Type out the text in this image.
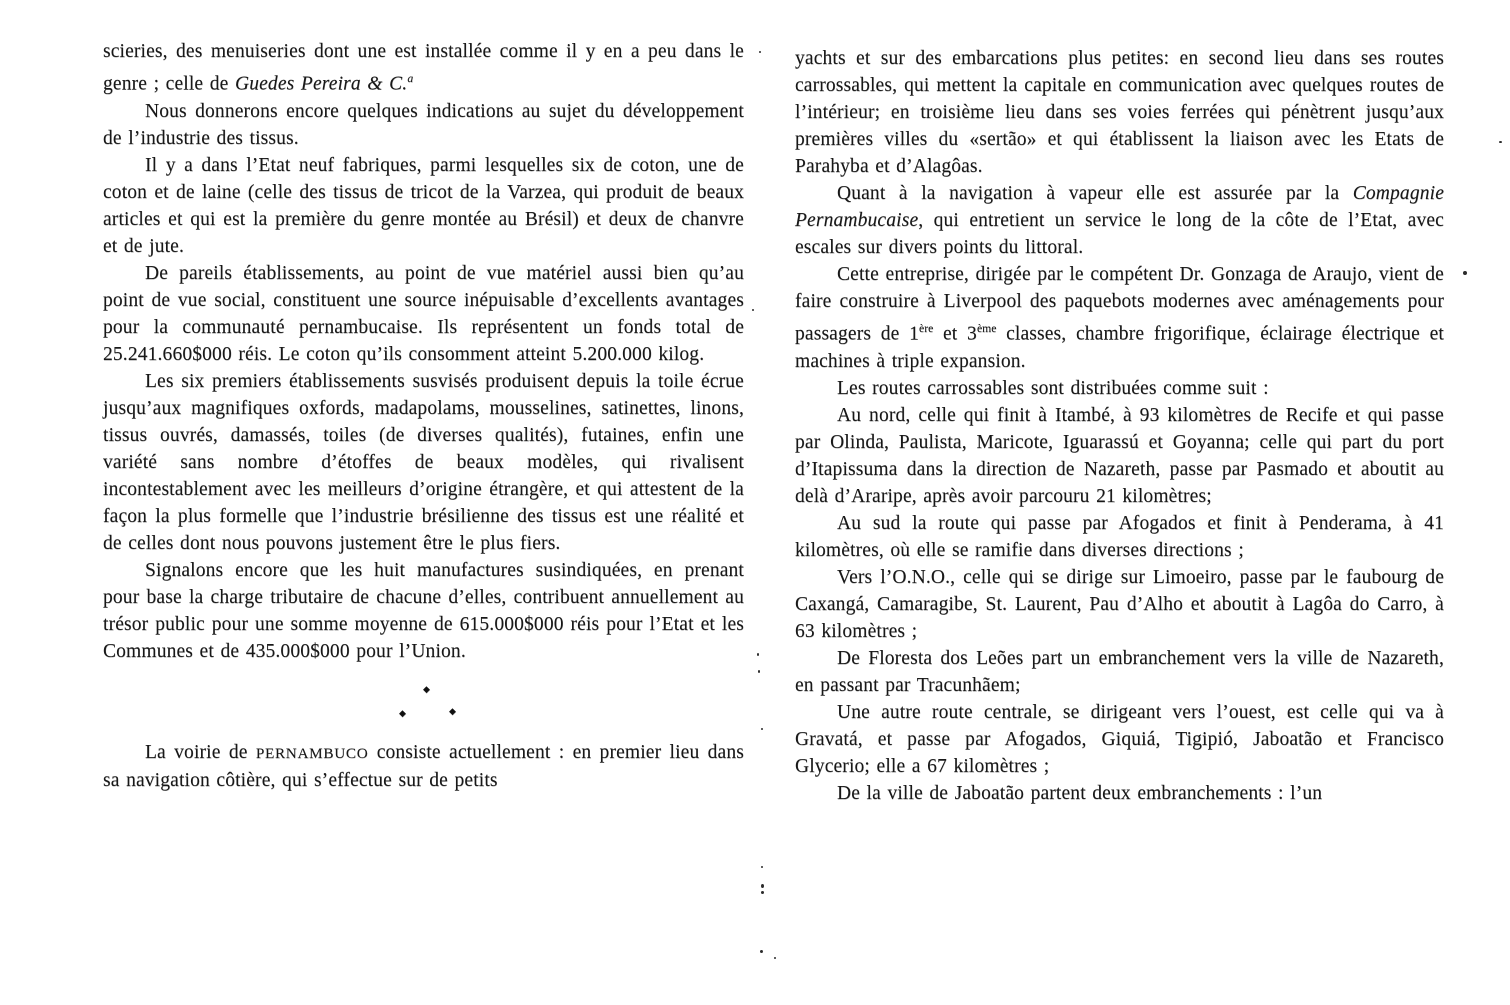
scieries, des menuiseries dont une est installée comme il y en a peu dans le genre ; celle de Guedes Pereira & C.$^a$

Nous donnerons encore quelques indications au sujet du développement de l’industrie des tissus.

Il y a dans l’Etat neuf fabriques, parmi lesquelles six de coton, une de coton et de laine (celle des tissus de tricot de la Varzea, qui produit de beaux articles et qui est la première du genre montée au Brésil) et deux de chanvre et de jute.

De pareils établissements, au point de vue matériel aussi bien qu’au point de vue social, constituent une source inépuisable d’excellents avantages pour la communauté pernambucaise. Ils représentent un fonds total de 25.241.660$000 réis. Le coton qu’ils consomment atteint 5.200.000 kilog.

Les six premiers établissements susvisés produisent depuis la toile écrue jusqu’aux magnifiques oxfords, madapolams, mousselines, satinettes, linons, tissus ouvrés, damassés, toiles (de diverses qualités), futaines, enfin une variété sans nombre d’étoffes de beaux modèles, qui rivalisent incontestablement avec les meilleurs d’origine étrangère, et qui attestent de la façon la plus formelle que l’industrie brésilienne des tissus est une réalité et de celles dont nous pouvons justement être le plus fiers.

Signalons encore que les huit manufactures susindiquées, en prenant pour base la charge tributaire de chacune d’elles, contribuent annuellement au trésor public pour une somme moyenne de 615.000$000 réis pour l’Etat et les Communes et de 435.000$000 pour l’Union.

◆
◆	◆

La voirie de PERNAMBUCO consiste actuellement : en premier lieu dans sa navigation côtière, qui s’effectue sur de petits

yachts et sur des embarcations plus petites: en second lieu dans ses routes carrossables, qui mettent la capitale en communication avec quelques routes de l’intérieur; en troisième lieu dans ses voies ferrées qui pénètrent jusqu’aux premières villes du «sertão» et qui établissent la liaison avec les Etats de Parahyba et d’Alagôas.

Quant à la navigation à vapeur elle est assurée par la Compagnie Pernambucaise, qui entretient un service le long de la côte de l’Etat, avec escales sur divers points du littoral.

Cette entreprise, dirigée par le compétent Dr. Gonzaga de Araujo, vient de faire construire à Liverpool des paquebots modernes avec aménagements pour passagers de 1ère et 3ème classes, chambre frigorifique, éclairage électrique et machines à triple expansion.

Les routes carrossables sont distribuées comme suit :

Au nord, celle qui finit à Itambé, à 93 kilomètres de Recife et qui passe par Olinda, Paulista, Maricote, Iguarassú et Goyanna; celle qui part du port d’Itapissuma dans la direction de Nazareth, passe par Pasmado et aboutit au delà d’Araripe, après avoir parcouru 21 kilomètres;

Au sud la route qui passe par Afogados et finit à Penderama, à 41 kilomètres, où elle se ramifie dans diverses directions ;

Vers l’O.N.O., celle qui se dirige sur Limoeiro, passe par le faubourg de Caxangá, Camaragibe, St. Laurent, Pau d’Alho et aboutit à Lagôa do Carro, à 63 kilomètres ;

De Floresta dos Leões part un embranchement vers la ville de Nazareth, en passant par Tracunhãem;

Une autre route centrale, se dirigeant vers l’ouest, est celle qui va à Gravatá, et passe par Afogados, Giquiá, Tigipió, Jaboatão et Francisco Glycerio; elle a 67 kilomètres ;

De la ville de Jaboatão partent deux embranchements : l’un
